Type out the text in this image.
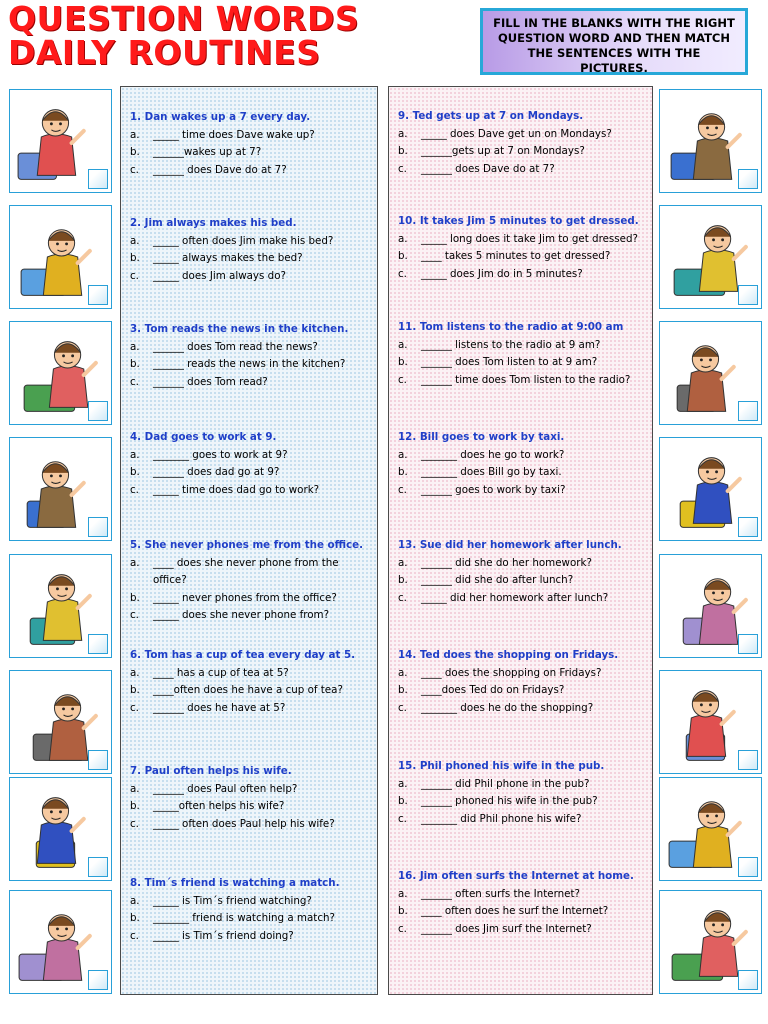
QUESTION WORDS
DAILY ROUTINES
FILL IN THE BLANKS WITH THE RIGHT QUESTION WORD AND THEN MATCH THE SENTENCES WITH THE PICTURES.
1. Dan wakes up a 7 every day.
a.	_____ time does Dave wake up?
b.	______wakes up at 7?
c.	______ does Dave do at 7?
2. Jim always makes his bed.
a.	_____ often does Jim make his bed?
b.	_____ always makes the bed?
c.	_____ does Jim always do?
3. Tom reads the news in the kitchen.
a.	______ does Tom read the news?
b.	______ reads the news in the kitchen?
c.	______ does Tom read?
4. Dad goes to work at 9.
a.	_______ goes to work at 9?
b.	______ does dad go at 9?
c.	_____ time does dad go to work?
5. She never phones me from the office.
a.	____ does she never phone from the office?
b.	_____ never phones from the office?
c.	_____ does she never phone from?
6. Tom has a cup of tea every day at 5.
a.	____ has a cup of tea at 5?
b.	____often does he have a cup of tea?
c.	______ does he have at 5?
7. Paul often helps his wife.
a.	______ does Paul often help?
b.	_____often helps his wife?
c.	_____ often does Paul help his wife?
8. Tim´s friend is watching a match.
a.	_____ is Tim´s friend watching?
b.	_______ friend is watching a match?
c.	_____ is Tim´s friend doing?
9. Ted gets up at 7 on Mondays.
a.	_____ does Dave get un on Mondays?
b.	______gets up at 7 on Mondays?
c.	______ does Dave do at 7?
10. It takes Jim 5 minutes to get dressed.
a.	_____ long does it take Jim to get dressed?
b.	____ takes 5 minutes to get dressed?
c.	_____ does Jim do in 5 minutes?
11. Tom listens to the radio at 9:00 am
a.	______ listens to the radio at 9 am?
b.	______ does Tom listen to at 9 am?
c.	______ time does Tom listen to the radio?
12. Bill goes to work by taxi.
a.	_______ does he go to work?
b.	_______ does Bill go by taxi.
c.	______ goes to work by taxi?
13. Sue did her homework after lunch.
a.	______ did she do her homework?
b.	______ did she do after lunch?
c.	_____ did her homework after lunch?
14. Ted does the shopping on Fridays.
a.	____ does the shopping on Fridays?
b.	____does Ted do on Fridays?
c.	_______ does he do the shopping?
15. Phil phoned his wife in the pub.
a.	______ did Phil phone in the pub?
b.	______ phoned his wife in the pub?
c.	_______ did Phil phone his wife?
16. Jim often surfs the Internet at home.
a.	______ often surfs the Internet?
b.	____ often does he surf the Internet?
c.	______ does Jim surf the Internet?
